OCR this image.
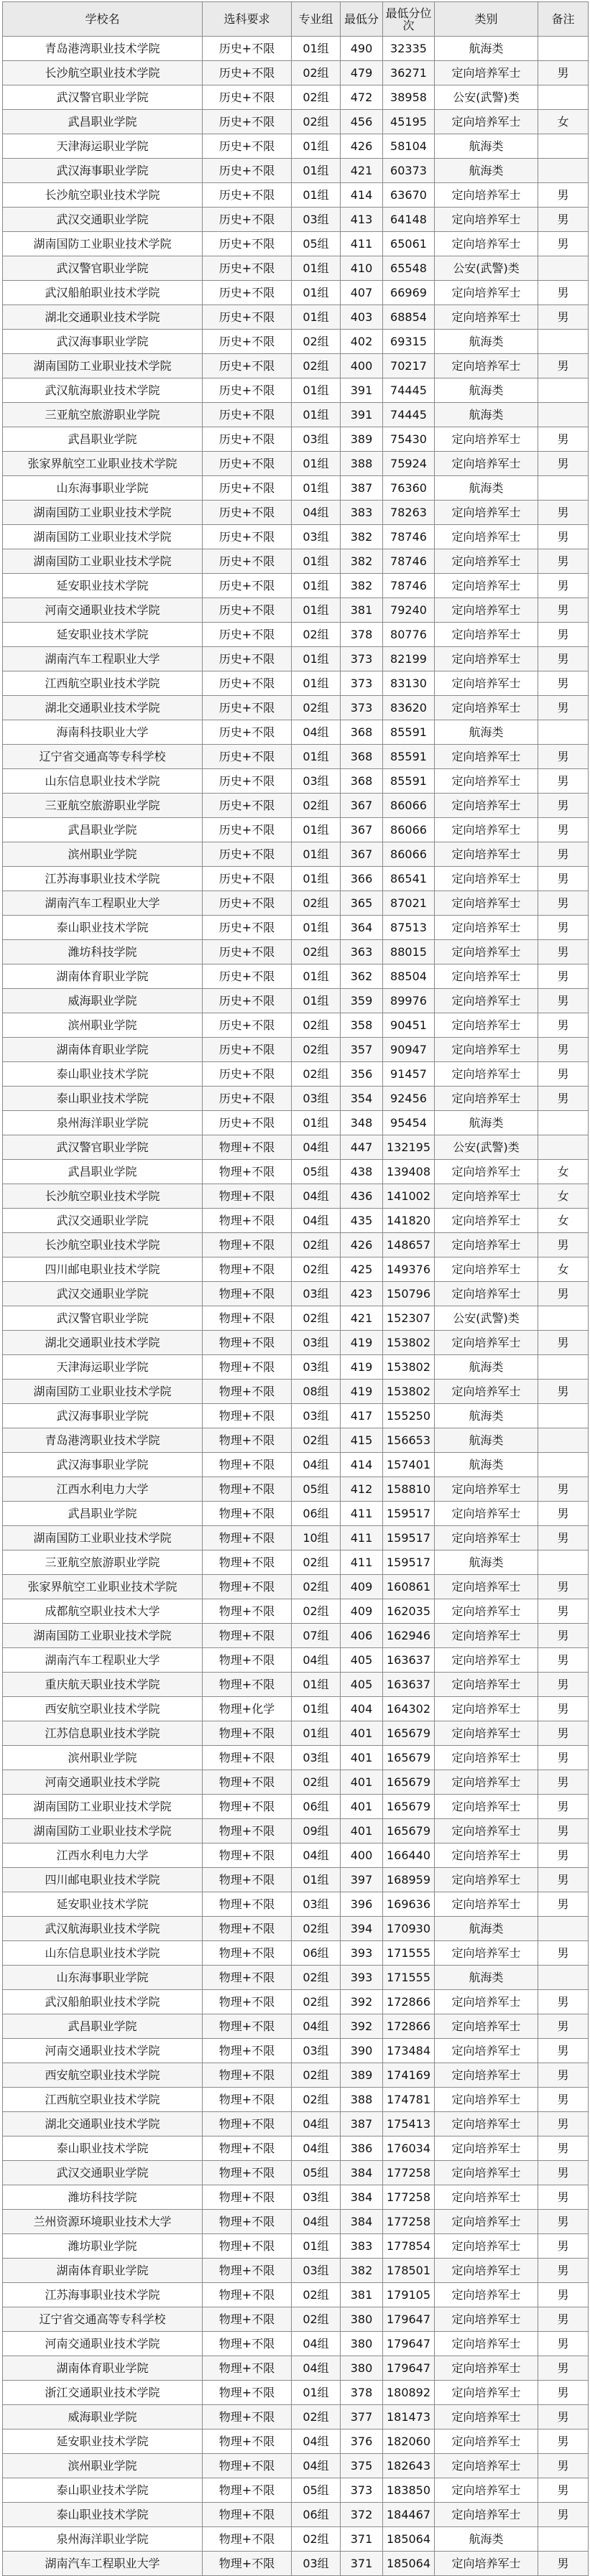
学校名	选科要求	专业组	最低分	最低分位次	类别	备注
青岛港湾职业技术学院	历史+不限	01组	490	32335	航海类	
长沙航空职业技术学院	历史+不限	02组	479	36271	定向培养军士	男
武汉警官职业学院	历史+不限	02组	472	38958	公安(武警)类	
武昌职业学院	历史+不限	02组	456	45195	定向培养军士	女
天津海运职业学院	历史+不限	01组	426	58104	航海类	
武汉海事职业学院	历史+不限	01组	421	60373	航海类	
长沙航空职业技术学院	历史+不限	01组	414	63670	定向培养军士	男
武汉交通职业学院	历史+不限	03组	413	64148	定向培养军士	男
湖南国防工业职业技术学院	历史+不限	05组	411	65061	定向培养军士	男
武汉警官职业学院	历史+不限	01组	410	65548	公安(武警)类	
武汉船舶职业技术学院	历史+不限	01组	407	66969	定向培养军士	男
湖北交通职业技术学院	历史+不限	01组	403	68854	定向培养军士	男
武汉海事职业学院	历史+不限	02组	402	69315	航海类	
湖南国防工业职业技术学院	历史+不限	02组	400	70217	定向培养军士	男
武汉航海职业技术学院	历史+不限	01组	391	74445	航海类	
三亚航空旅游职业学院	历史+不限	01组	391	74445	航海类	
武昌职业学院	历史+不限	03组	389	75430	定向培养军士	男
张家界航空工业职业技术学院	历史+不限	01组	388	75924	定向培养军士	男
山东海事职业学院	历史+不限	01组	387	76360	航海类	
湖南国防工业职业技术学院	历史+不限	04组	383	78263	定向培养军士	男
湖南国防工业职业技术学院	历史+不限	03组	382	78746	定向培养军士	男
湖南国防工业职业技术学院	历史+不限	01组	382	78746	定向培养军士	男
延安职业技术学院	历史+不限	01组	382	78746	定向培养军士	男
河南交通职业技术学院	历史+不限	01组	381	79240	定向培养军士	男
延安职业技术学院	历史+不限	02组	378	80776	定向培养军士	男
湖南汽车工程职业大学	历史+不限	01组	373	82199	定向培养军士	男
江西航空职业技术学院	历史+不限	01组	373	83130	定向培养军士	男
湖北交通职业技术学院	历史+不限	02组	373	83620	定向培养军士	男
海南科技职业大学	历史+不限	04组	368	85591	航海类	
辽宁省交通高等专科学校	历史+不限	01组	368	85591	定向培养军士	男
山东信息职业技术学院	历史+不限	03组	368	85591	定向培养军士	男
三亚航空旅游职业学院	历史+不限	02组	367	86066	定向培养军士	男
武昌职业学院	历史+不限	01组	367	86066	定向培养军士	男
滨州职业学院	历史+不限	01组	367	86066	定向培养军士	男
江苏海事职业技术学院	历史+不限	01组	366	86541	定向培养军士	男
湖南汽车工程职业大学	历史+不限	02组	365	87021	定向培养军士	男
泰山职业技术学院	历史+不限	01组	364	87513	定向培养军士	男
潍坊科技学院	历史+不限	02组	363	88015	定向培养军士	男
湖南体育职业学院	历史+不限	01组	362	88504	定向培养军士	男
威海职业学院	历史+不限	01组	359	89976	定向培养军士	男
滨州职业学院	历史+不限	02组	358	90451	定向培养军士	男
湖南体育职业学院	历史+不限	02组	357	90947	定向培养军士	男
泰山职业技术学院	历史+不限	02组	356	91457	定向培养军士	男
泰山职业技术学院	历史+不限	03组	354	92456	定向培养军士	男
泉州海洋职业学院	历史+不限	01组	348	95454	航海类	
武汉警官职业学院	物理+不限	04组	447	132195	公安(武警)类	
武昌职业学院	物理+不限	05组	438	139408	定向培养军士	女
长沙航空职业技术学院	物理+不限	04组	436	141002	定向培养军士	女
武汉交通职业学院	物理+不限	04组	435	141820	定向培养军士	女
长沙航空职业技术学院	物理+不限	02组	426	148657	定向培养军士	男
四川邮电职业技术学院	物理+不限	02组	425	149376	定向培养军士	女
武汉交通职业学院	物理+不限	03组	423	150796	定向培养军士	男
武汉警官职业学院	物理+不限	02组	421	152307	公安(武警)类	
湖北交通职业技术学院	物理+不限	03组	419	153802	定向培养军士	男
天津海运职业学院	物理+不限	03组	419	153802	航海类	
湖南国防工业职业技术学院	物理+不限	08组	419	153802	定向培养军士	男
武汉海事职业学院	物理+不限	03组	417	155250	航海类	
青岛港湾职业技术学院	物理+不限	02组	415	156653	航海类	
武汉海事职业学院	物理+不限	04组	414	157401	航海类	
江西水利电力大学	物理+不限	05组	412	158810	定向培养军士	男
武昌职业学院	物理+不限	06组	411	159517	定向培养军士	男
湖南国防工业职业技术学院	物理+不限	10组	411	159517	定向培养军士	男
三亚航空旅游职业学院	物理+不限	02组	411	159517	航海类	
张家界航空工业职业技术学院	物理+不限	02组	409	160861	定向培养军士	男
成都航空职业技术大学	物理+不限	02组	409	162035	定向培养军士	男
湖南国防工业职业技术学院	物理+不限	07组	406	162946	定向培养军士	男
湖南汽车工程职业大学	物理+不限	04组	405	163637	定向培养军士	男
重庆航天职业技术学院	物理+不限	01组	405	163637	定向培养军士	男
西安航空职业技术学院	物理+化学	01组	404	164302	定向培养军士	男
江苏信息职业技术学院	物理+不限	01组	401	165679	定向培养军士	男
滨州职业学院	物理+不限	03组	401	165679	定向培养军士	男
河南交通职业技术学院	物理+不限	02组	401	165679	定向培养军士	男
湖南国防工业职业技术学院	物理+不限	06组	401	165679	定向培养军士	男
湖南国防工业职业技术学院	物理+不限	09组	401	165679	定向培养军士	男
江西水利电力大学	物理+不限	04组	400	166440	定向培养军士	男
四川邮电职业技术学院	物理+不限	01组	397	168959	定向培养军士	男
延安职业技术学院	物理+不限	03组	396	169636	定向培养军士	男
武汉航海职业技术学院	物理+不限	02组	394	170930	航海类	
山东信息职业技术学院	物理+不限	06组	393	171555	定向培养军士	男
山东海事职业学院	物理+不限	02组	393	171555	航海类	
武汉船舶职业技术学院	物理+不限	02组	392	172866	定向培养军士	男
武昌职业学院	物理+不限	04组	392	172866	定向培养军士	男
河南交通职业技术学院	物理+不限	03组	390	173484	定向培养军士	男
西安航空职业技术学院	物理+不限	02组	389	174169	定向培养军士	男
江西航空职业技术学院	物理+不限	02组	388	174781	定向培养军士	男
湖北交通职业技术学院	物理+不限	04组	387	175413	定向培养军士	男
泰山职业技术学院	物理+不限	04组	386	176034	定向培养军士	男
武汉交通职业学院	物理+不限	05组	384	177258	定向培养军士	男
潍坊科技学院	物理+不限	03组	384	177258	定向培养军士	男
兰州资源环境职业技术大学	物理+不限	04组	384	177258	定向培养军士	男
潍坊职业学院	物理+不限	01组	383	177854	定向培养军士	男
湖南体育职业学院	物理+不限	03组	382	178501	定向培养军士	男
江苏海事职业技术学院	物理+不限	02组	381	179105	定向培养军士	男
辽宁省交通高等专科学校	物理+不限	02组	380	179647	定向培养军士	男
河南交通职业技术学院	物理+不限	04组	380	179647	定向培养军士	男
湖南体育职业学院	物理+不限	04组	380	179647	定向培养军士	男
浙江交通职业技术学院	物理+不限	01组	378	180892	定向培养军士	男
威海职业学院	物理+不限	02组	377	181473	定向培养军士	男
延安职业技术学院	物理+不限	04组	376	182060	定向培养军士	男
滨州职业学院	物理+不限	04组	375	182643	定向培养军士	男
泰山职业技术学院	物理+不限	05组	373	183850	定向培养军士	男
泰山职业技术学院	物理+不限	06组	372	184467	定向培养军士	男
泉州海洋职业学院	物理+不限	02组	371	185064	航海类	
湖南汽车工程职业大学	物理+不限	03组	371	185064	定向培养军士	男
